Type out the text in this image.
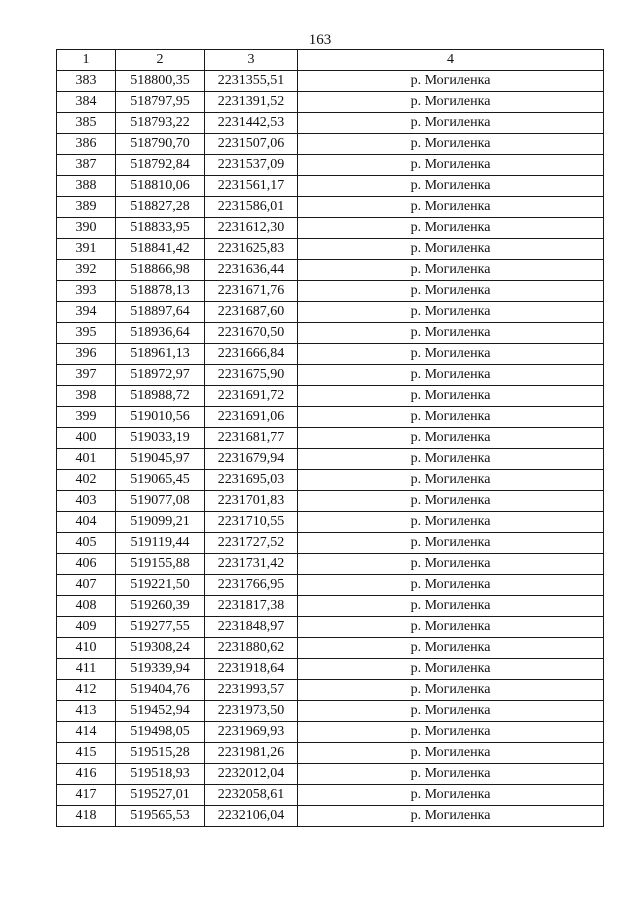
163
1	2	3	4
383	518800,35	2231355,51	р. Могиленка
384	518797,95	2231391,52	р. Могиленка
385	518793,22	2231442,53	р. Могиленка
386	518790,70	2231507,06	р. Могиленка
387	518792,84	2231537,09	р. Могиленка
388	518810,06	2231561,17	р. Могиленка
389	518827,28	2231586,01	р. Могиленка
390	518833,95	2231612,30	р. Могиленка
391	518841,42	2231625,83	р. Могиленка
392	518866,98	2231636,44	р. Могиленка
393	518878,13	2231671,76	р. Могиленка
394	518897,64	2231687,60	р. Могиленка
395	518936,64	2231670,50	р. Могиленка
396	518961,13	2231666,84	р. Могиленка
397	518972,97	2231675,90	р. Могиленка
398	518988,72	2231691,72	р. Могиленка
399	519010,56	2231691,06	р. Могиленка
400	519033,19	2231681,77	р. Могиленка
401	519045,97	2231679,94	р. Могиленка
402	519065,45	2231695,03	р. Могиленка
403	519077,08	2231701,83	р. Могиленка
404	519099,21	2231710,55	р. Могиленка
405	519119,44	2231727,52	р. Могиленка
406	519155,88	2231731,42	р. Могиленка
407	519221,50	2231766,95	р. Могиленка
408	519260,39	2231817,38	р. Могиленка
409	519277,55	2231848,97	р. Могиленка
410	519308,24	2231880,62	р. Могиленка
411	519339,94	2231918,64	р. Могиленка
412	519404,76	2231993,57	р. Могиленка
413	519452,94	2231973,50	р. Могиленка
414	519498,05	2231969,93	р. Могиленка
415	519515,28	2231981,26	р. Могиленка
416	519518,93	2232012,04	р. Могиленка
417	519527,01	2232058,61	р. Могиленка
418	519565,53	2232106,04	р. Могиленка
